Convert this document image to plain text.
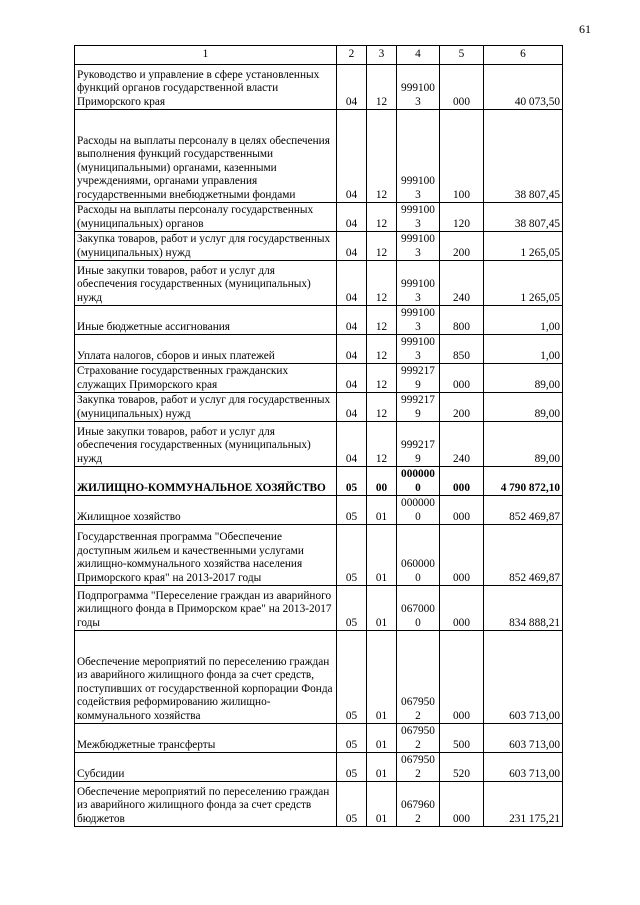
61
1	2	3	4	5	6
Руководство и управление в сфере установленных функций органов государственной власти Приморского края	04	12	9991003	000	40 073,50
Расходы на выплаты персоналу в целях обеспечения выполнения функций государственными (муниципальными) органами, казенными учреждениями, органами управления государственными внебюджетными фондами	04	12	9991003	100	38 807,45
Расходы на выплаты персоналу государственных (муниципальных) органов	04	12	9991003	120	38 807,45
Закупка товаров, работ и услуг для государственных (муниципальных) нужд	04	12	9991003	200	1 265,05
Иные закупки товаров, работ и услуг для обеспечения государственных (муниципальных) нужд	04	12	9991003	240	1 265,05
Иные бюджетные ассигнования	04	12	9991003	800	1,00
Уплата налогов, сборов и иных платежей	04	12	9991003	850	1,00
Страхование государственных гражданских служащих Приморского края	04	12	9992179	000	89,00
Закупка товаров, работ и услуг для государственных (муниципальных) нужд	04	12	9992179	200	89,00
Иные закупки товаров, работ и услуг для обеспечения государственных (муниципальных) нужд	04	12	9992179	240	89,00
ЖИЛИЩНО-КОММУНАЛЬНОЕ ХОЗЯЙСТВО	05	00	0000000	000	4 790 872,10
Жилищное хозяйство	05	01	0000000	000	852 469,87
Государственная программа "Обеспечение доступным жильем и качественными услугами жилищно-коммунального хозяйства населения Приморского края" на 2013-2017 годы	05	01	0600000	000	852 469,87
Подпрограмма "Переселение граждан из аварийного жилищного фонда в Приморском крае" на 2013-2017 годы	05	01	0670000	000	834 888,21
Обеспечение мероприятий по переселению граждан из аварийного жилищного фонда за счет средств, поступивших от государственной корпорации Фонда содействия реформированию жилищно-коммунального хозяйства	05	01	0679502	000	603 713,00
Межбюджетные трансферты	05	01	0679502	500	603 713,00
Субсидии	05	01	0679502	520	603 713,00
Обеспечение мероприятий по переселению граждан из аварийного жилищного фонда за счет средств бюджетов	05	01	0679602	000	231 175,21
